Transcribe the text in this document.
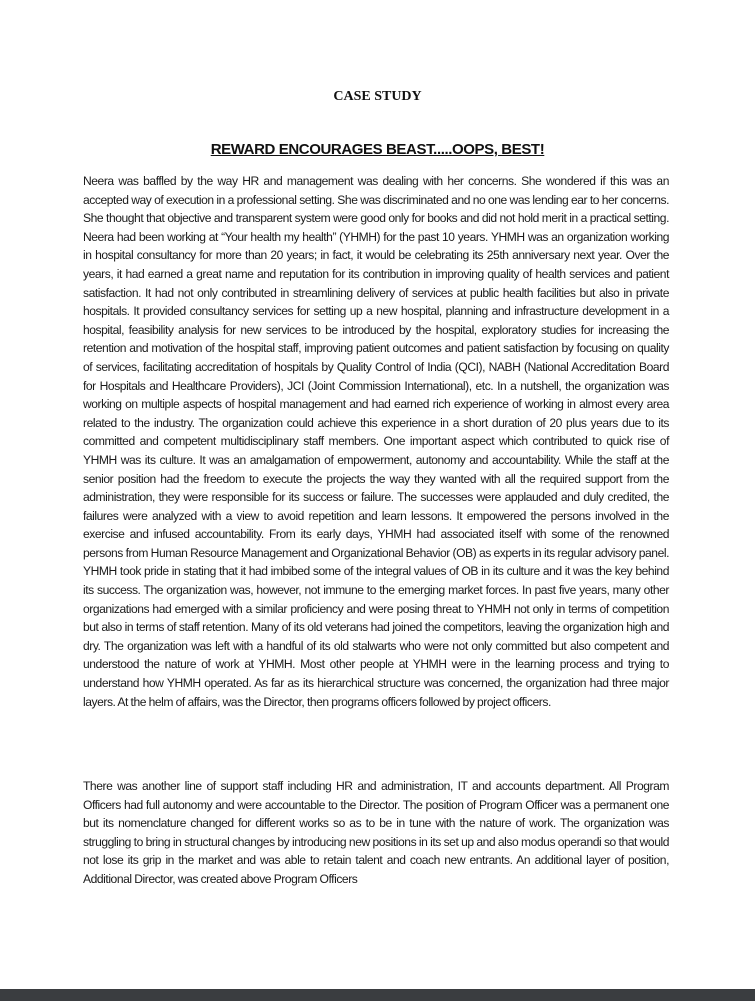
CASE STUDY
REWARD ENCOURAGES BEAST.....OOPS, BEST!

Neera was baffled by the way HR and management was dealing with her concerns. She wondered if this was an accepted way of execution in a professional setting. She was discriminated and no one was lending ear to her concerns. She thought that objective and transparent system were good only for books and did not hold merit in a practical setting. Neera had been working at “Your health my health” (YHMH) for the past 10 years. YHMH was an organization working in hospital consultancy for more than 20 years; in fact, it would be celebrating its 25th anniversary next year. Over the years, it had earned a great name and reputation for its contribution in improving quality of health services and patient satisfaction. It had not only contributed in streamlining delivery of services at public health facilities but also in private hospitals. It provided consultancy services for setting up a new hospital, planning and infrastructure development in a hospital, feasibility analysis for new services to be introduced by the hospital, exploratory studies for increasing the retention and motivation of the hospital staff, improving patient outcomes and patient satisfaction by focusing on quality of services, facilitating accreditation of hospitals by Quality Control of India (QCI), NABH (National Accreditation Board for Hospitals and Healthcare Providers), JCI (Joint Commission International), etc. In a nutshell, the organization was working on multiple aspects of hospital management and had earned rich experience of working in almost every area related to the industry. The organization could achieve this experience in a short duration of 20 plus years due to its committed and competent multidisciplinary staff members. One important aspect which contributed to quick rise of YHMH was its culture. It was an amalgamation of empowerment, autonomy and accountability. While the staff at the senior position had the freedom to execute the projects the way they wanted with all the required support from the administration, they were responsible for its success or failure. The successes were applauded and duly credited, the failures were analyzed with a view to avoid repetition and learn lessons. It empowered the persons involved in the exercise and infused accountability. From its early days, YHMH had associated itself with some of the renowned persons from Human Resource Management and Organizational Behavior (OB) as experts in its regular advisory panel. YHMH took pride in stating that it had imbibed some of the integral values of OB in its culture and it was the key behind its success. The organization was, however, not immune to the emerging market forces. In past five years, many other organizations had emerged with a similar proficiency and were posing threat to YHMH not only in terms of competition but also in terms of staff retention. Many of its old veterans had joined the competitors, leaving the organization high and dry. The organization was left with a handful of its old stalwarts who were not only committed but also competent and understood the nature of work at YHMH. Most other people at YHMH were in the learning process and trying to understand how YHMH operated. As far as its hierarchical structure was concerned, the organization had three major layers. At the helm of affairs, was the Director, then programs officers followed by project officers.

There was another line of support staff including HR and administration, IT and accounts department. All Program Officers had full autonomy and were accountable to the Director. The position of Program Officer was a permanent one but its nomenclature changed for different works so as to be in tune with the nature of work. The organization was struggling to bring in structural changes by introducing new positions in its set up and also modus operandi so that would not lose its grip in the market and was able to retain talent and coach new entrants. An additional layer of position, Additional Director, was created above Program Officers
